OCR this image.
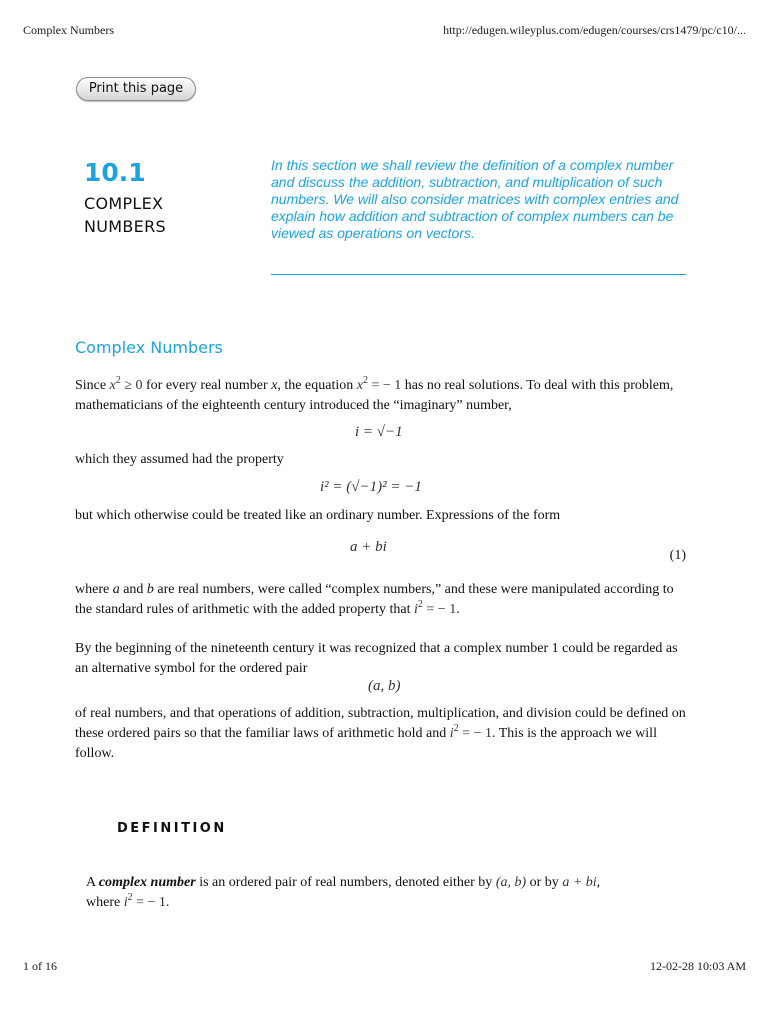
Complex Numbers	http://edugen.wileyplus.com/edugen/courses/crs1479/pc/c10/...
Print this page
10.1
COMPLEX
NUMBERS
In this section we shall review the definition of a complex number and discuss the addition, subtraction, and multiplication of such numbers. We will also consider matrices with complex entries and explain how addition and subtraction of complex numbers can be viewed as operations on vectors.
Complex Numbers
Since $x^2 \ge 0$ for every real number x, the equation $x^2$ = − 1 has no real solutions. To deal with this problem, mathematicians of the eighteenth century introduced the “imaginary” number,
i = √−1
which they assumed had the property
i² = (√−1)² = −1
but which otherwise could be treated like an ordinary number. Expressions of the form
a + bi
(1)
where a and b are real numbers, were called “complex numbers,” and these were manipulated according to the standard rules of arithmetic with the added property that $i^2$ = − 1.
By the beginning of the nineteenth century it was recognized that a complex number 1 could be regarded as an alternative symbol for the ordered pair
(a, b)
of real numbers, and that operations of addition, subtraction, multiplication, and division could be defined on these ordered pairs so that the familiar laws of arithmetic hold and $i^2$ = − 1. This is the approach we will follow.
DEFINITION
A complex number is an ordered pair of real numbers, denoted either by (a, b) or by a + bi,
where $i^2$ = − 1.
1 of 16	12-02-28 10:03 AM
